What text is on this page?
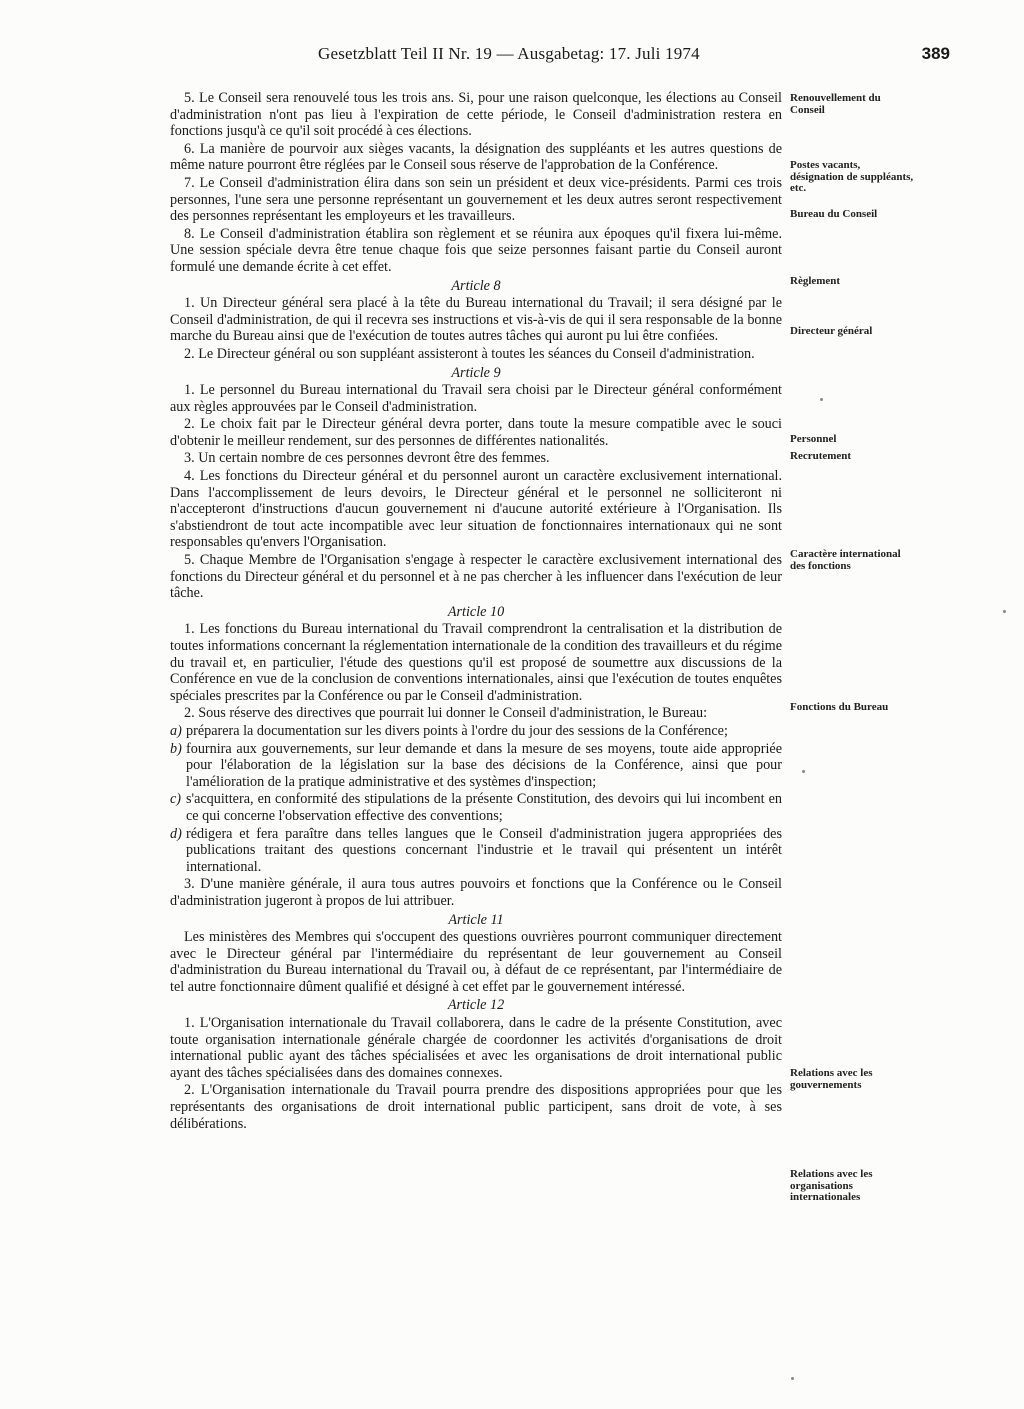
Gesetzblatt Teil II Nr. 19 — Ausgabetag: 17. Juli 1974	389

5. Le Conseil sera renouvelé tous les trois ans. Si, pour une raison quelconque, les élections au Conseil d'administration n'ont pas lieu à l'expiration de cette période, le Conseil d'administration restera en fonctions jusqu'à ce qu'il soit procédé à ces élections.

6. La manière de pourvoir aux sièges vacants, la désignation des suppléants et les autres questions de même nature pourront être réglées par le Conseil sous réserve de l'approbation de la Conférence.

7. Le Conseil d'administration élira dans son sein un président et deux vice-présidents. Parmi ces trois personnes, l'une sera une personne représentant un gouvernement et les deux autres seront respectivement des personnes représentant les employeurs et les travailleurs.

8. Le Conseil d'administration établira son règlement et se réunira aux époques qu'il fixera lui-même. Une session spéciale devra être tenue chaque fois que seize personnes faisant partie du Conseil auront formulé une demande écrite à cet effet.

Article 8

1. Un Directeur général sera placé à la tête du Bureau international du Travail; il sera désigné par le Conseil d'administration, de qui il recevra ses instructions et vis-à-vis de qui il sera responsable de la bonne marche du Bureau ainsi que de l'exécution de toutes autres tâches qui auront pu lui être confiées.

2. Le Directeur général ou son suppléant assisteront à toutes les séances du Conseil d'administration.

Article 9

1. Le personnel du Bureau international du Travail sera choisi par le Directeur général conformément aux règles approuvées par le Conseil d'administration.

2. Le choix fait par le Directeur général devra porter, dans toute la mesure compatible avec le souci d'obtenir le meilleur rendement, sur des personnes de différentes nationalités.

3. Un certain nombre de ces personnes devront être des femmes.

4. Les fonctions du Directeur général et du personnel auront un caractère exclusivement international. Dans l'accomplissement de leurs devoirs, le Directeur général et le personnel ne solliciteront ni n'accepteront d'instructions d'aucun gouvernement ni d'aucune autorité extérieure à l'Organisation. Ils s'abstiendront de tout acte incompatible avec leur situation de fonctionnaires internationaux qui ne sont responsables qu'envers l'Organisation.

5. Chaque Membre de l'Organisation s'engage à respecter le caractère exclusivement international des fonctions du Directeur général et du personnel et à ne pas chercher à les influencer dans l'exécution de leur tâche.

Article 10

1. Les fonctions du Bureau international du Travail comprendront la centralisation et la distribution de toutes informations concernant la réglementation internationale de la condition des travailleurs et du régime du travail et, en particulier, l'étude des questions qu'il est proposé de soumettre aux discussions de la Conférence en vue de la conclusion de conventions internationales, ainsi que l'exécution de toutes enquêtes spéciales prescrites par la Conférence ou par le Conseil d'administration.

2. Sous réserve des directives que pourrait lui donner le Conseil d'administration, le Bureau:

a) préparera la documentation sur les divers points à l'ordre du jour des sessions de la Conférence;
b) fournira aux gouvernements, sur leur demande et dans la mesure de ses moyens, toute aide appropriée pour l'élaboration de la législation sur la base des décisions de la Conférence, ainsi que pour l'amélioration de la pratique administrative et des systèmes d'inspection;
c) s'acquittera, en conformité des stipulations de la présente Constitution, des devoirs qui lui incombent en ce qui concerne l'observation effective des conventions;
d) rédigera et fera paraître dans telles langues que le Conseil d'administration jugera appropriées des publications traitant des questions concernant l'industrie et le travail qui présentent un intérêt international.

3. D'une manière générale, il aura tous autres pouvoirs et fonctions que la Conférence ou le Conseil d'administration jugeront à propos de lui attribuer.

Article 11

Les ministères des Membres qui s'occupent des questions ouvrières pourront communiquer directement avec le Directeur général par l'intermédiaire du représentant de leur gouvernement au Conseil d'administration du Bureau international du Travail ou, à défaut de ce représentant, par l'intermédiaire de tel autre fonctionnaire dûment qualifié et désigné à cet effet par le gouvernement intéressé.

Article 12

1. L'Organisation internationale du Travail collaborera, dans le cadre de la présente Constitution, avec toute organisation internationale générale chargée de coordonner les activités d'organisations de droit international public ayant des tâches spécialisées et avec les organisations de droit international public ayant des tâches spécialisées dans des domaines connexes.

2. L'Organisation internationale du Travail pourra prendre des dispositions appropriées pour que les représentants des organisations de droit international public participent, sans droit de vote, à ses délibérations.

Renouvellement du Conseil
Postes vacants, désignation de suppléants, etc.
Bureau du Conseil
Règlement
Directeur général
Personnel
Recrutement
Caractère international des fonctions
Fonctions du Bureau
Relations avec les gouvernements
Relations avec les organisations internationales
